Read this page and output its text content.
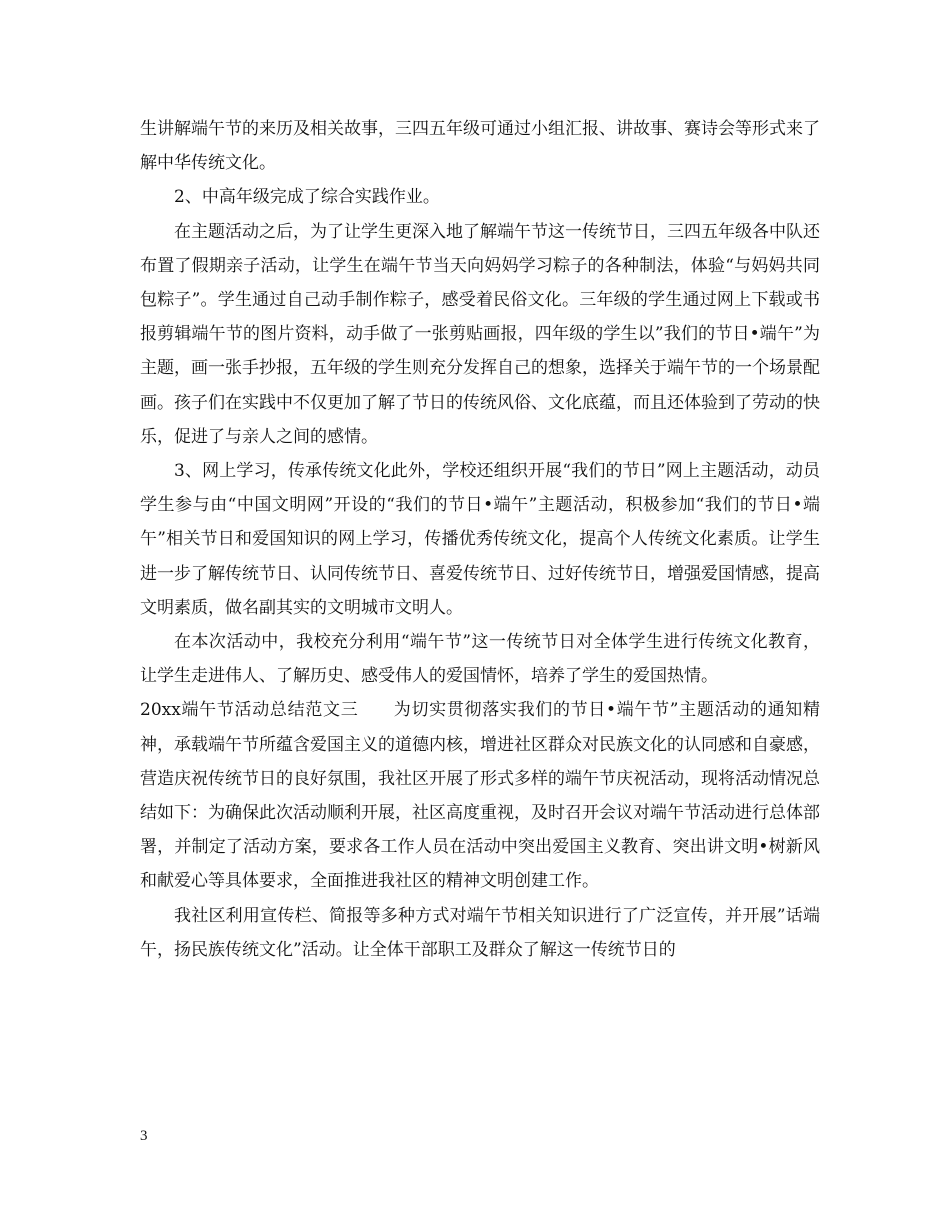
生讲解端午节的来历及相关故事，三四五年级可通过小组汇报、讲故事、赛诗会等形式来了解中华传统文化。

2、中高年级完成了综合实践作业。

在主题活动之后，为了让学生更深入地了解端午节这一传统节日，三四五年级各中队还布置了假期亲子活动，让学生在端午节当天向妈妈学习粽子的各种制法，体验“与妈妈共同包粽子”。学生通过自己动手制作粽子，感受着民俗文化。三年级的学生通过网上下载或书报剪辑端午节的图片资料，动手做了一张剪贴画报，四年级的学生以”我们的节日•端午”为主题，画一张手抄报，五年级的学生则充分发挥自己的想象，选择关于端午节的一个场景配画。孩子们在实践中不仅更加了解了节日的传统风俗、文化底蕴，而且还体验到了劳动的快乐，促进了与亲人之间的感情。

3、网上学习，传承传统文化此外，学校还组织开展“我们的节日”网上主题活动，动员学生参与由“中国文明网”开设的“我们的节日•端午”主题活动，积极参加“我们的节日•端午”相关节日和爱国知识的网上学习，传播优秀传统文化，提高个人传统文化素质。让学生进一步了解传统节日、认同传统节日、喜爱传统节日、过好传统节日，增强爱国情感，提高文明素质，做名副其实的文明城市文明人。

在本次活动中，我校充分利用“端午节”这一传统节日对全体学生进行传统文化教育，让学生走进伟人、了解历史、感受伟人的爱国情怀，培养了学生的爱国热情。

20xx端午节活动总结范文三　　为切实贯彻落实我们的节日•端午节”主题活动的通知精神，承载端午节所蕴含爱国主义的道德内核，增进社区群众对民族文化的认同感和自豪感，营造庆祝传统节日的良好氛围，我社区开展了形式多样的端午节庆祝活动，现将活动情况总结如下：为确保此次活动顺利开展，社区高度重视，及时召开会议对端午节活动进行总体部署，并制定了活动方案，要求各工作人员在活动中突出爱国主义教育、突出讲文明•树新风和献爱心等具体要求，全面推进我社区的精神文明创建工作。

我社区利用宣传栏、简报等多种方式对端午节相关知识进行了广泛宣传，并开展”话端午，扬民族传统文化”活动。让全体干部职工及群众了解这一传统节日的

3
